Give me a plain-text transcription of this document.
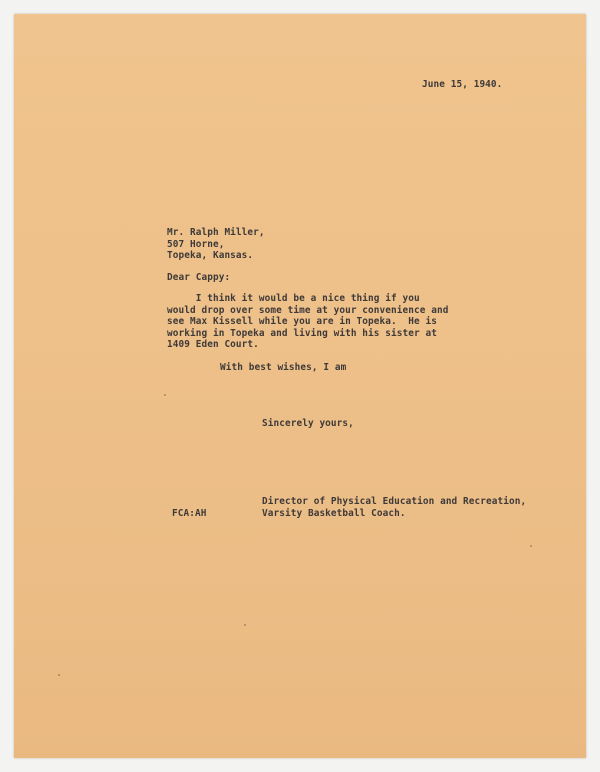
June 15, 1940.
Mr. Ralph Miller,
507 Horne,
Topeka, Kansas.
Dear Cappy:
I think it would be a nice thing if you
would drop over some time at your convenience and
see Max Kissell while you are in Topeka.  He is
working in Topeka and living with his sister at
1409 Eden Court.
With best wishes, I am
Sincerely yours,
Director of Physical Education and Recreation,
Varsity Basketball Coach.
FCA:AH
